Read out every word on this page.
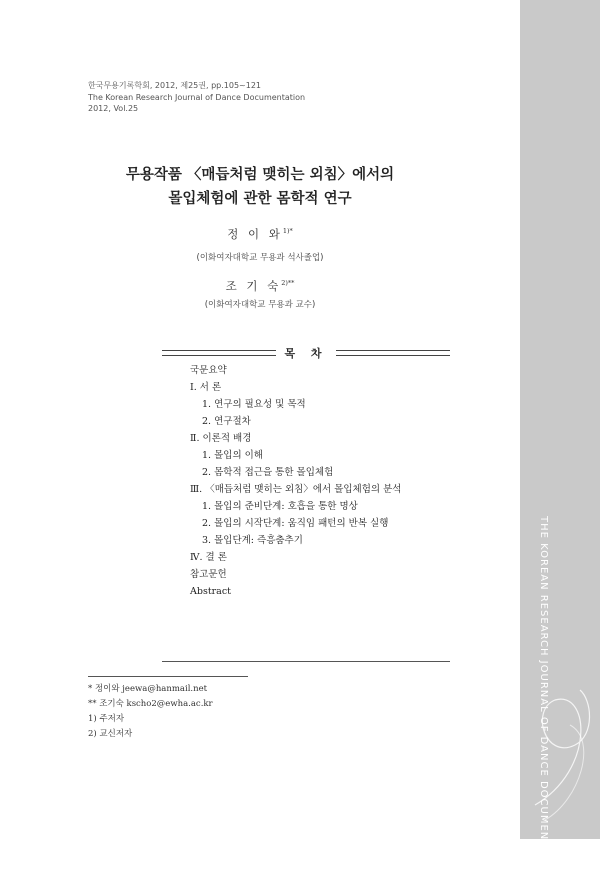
한국무용기록학회, 2012, 제25권, pp.105~121
The Korean Research Journal of Dance Documentation
2012, Vol.25
무용작품 〈매듭처럼 맺히는 외침〉에서의
몰입체험에 관한 몸학적 연구
정 이 와$^{1)*}$
(이화여자대학교 무용과 석사졸업)
조 기 숙$^{2)**}$
(이화여자대학교 무용과 교수)
목 차
국문요약
Ⅰ. 서 론
1. 연구의 필요성 및 목적
2. 연구절차
Ⅱ. 이론적 배경
1. 몰입의 이해
2. 몸학적 접근을 통한 몰입체험
Ⅲ. 〈매듭처럼 맺히는 외침〉에서 몰입체험의 분석
1. 몰입의 준비단계: 호흡을 통한 명상
2. 몰입의 시작단계: 움직임 패턴의 반복 실행
3. 몰입단계: 즉흥춤추기
Ⅳ. 결 론
참고문헌
Abstract
* 정이와 jeewa@hanmail.net
** 조기숙 kscho2@ewha.ac.kr
1) 주저자
2) 교신저자	THE KOREAN RESEARCH JOURNAL OF DANCE DOCUMENTATION
